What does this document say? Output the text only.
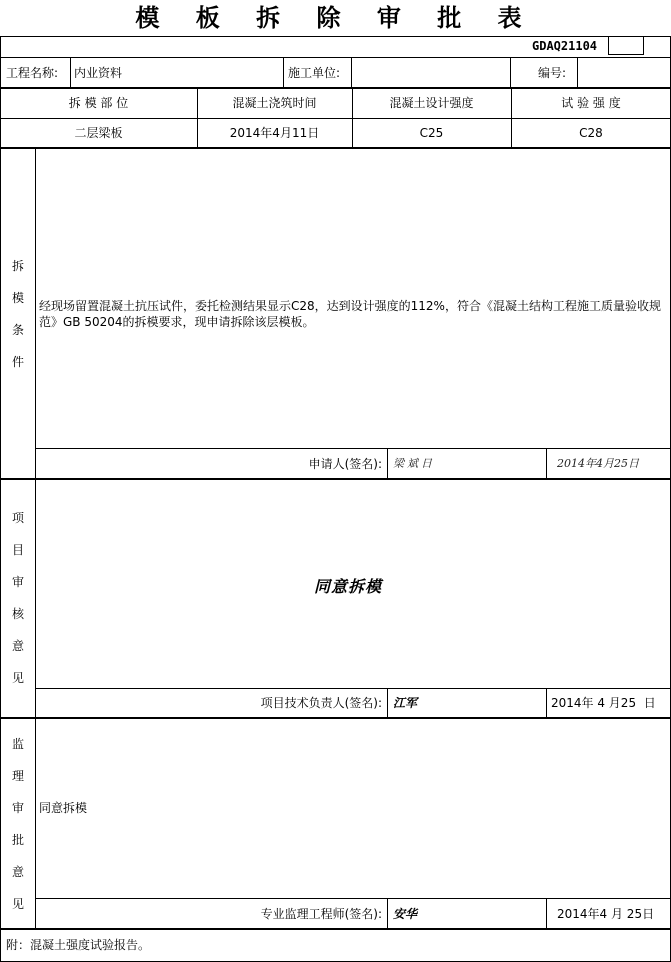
模 板 拆 除 审 批 表
GDAQ21104
工程名称: 内业资料	施工单位:	编号:
拆 模 部 位	混凝土浇筑时间	混凝土设计强度	试 验 强 度
二层梁板	2014年4月11日	C25	C28
拆
模
条
件
经现场留置混凝土抗压试件，委托检测结果显示C28，达到设计强度的112%，符合《混凝土结构工程施工质量验收规范》GB 50204的拆模要求，现申请拆除该层模板。
申请人(签名): 梁斌日	2014年4月25日
项
目
审
核
意
见
同意拆模
项目技术负责人(签名): 江军	2014年 4 月25  日
监
理
审
批
意
见
同意拆模
专业监理工程师(签名): 安华	2014年4 月 25日
附：混凝土强度试验报告。
